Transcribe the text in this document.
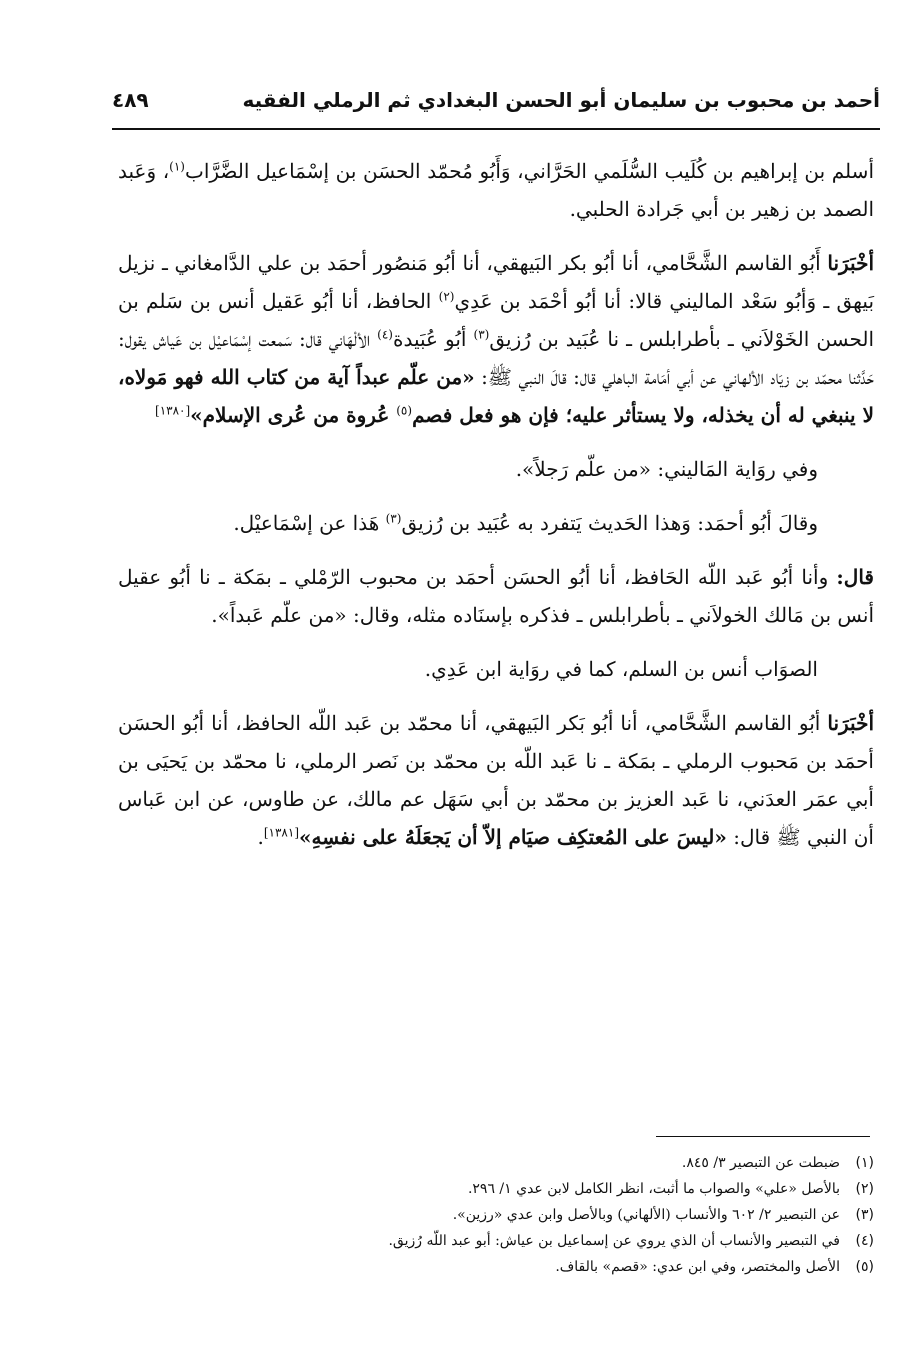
أحمد بن محبوب بن سليمان أبو الحسن البغدادي ثم الرملي الفقيه
٤٨٩

أسلم بن إبراهيم بن كُلَيب السُّلَمي الحَرَّاني، وَأَبُو مُحمّد الحسَن بن إسْمَاعيل الضَّرَّاب$^{(١)}$، وَعَبد الصمد بن زهير بن أبي جَرادة الحلبي.

أخْبَرَنا أَبُو القاسم الشَّحَّامي، أنا أبُو بكر البَيهقي، أنا أبُو مَنصُور أحمَد بن علي الدَّامغاني ـ نزيل بَيهق ـ وَأبُو سَعْد الماليني قالا: أنا أبُو أحْمَد بن عَدِي$^{(٢)}$ الحافظ، أنا أبُو عَقيل أنس بن سَلم بن الحسن الخَوْلاَني ـ بأطرابلس ـ نا عُبَيد بن رُزيق$^{(٣)}$ أبُو عُبَيدة$^{(٤)}$ الألْهَاني قال: سَمعت إسْمَاعيْل بن عَياش يقول: حَدَّثنا محمّد بن زيَاد الألهاني عن أبي أمَامة الباهلي قال: قالَ النبي ﷺ: «من علّم عبداً آية من كتاب الله فهو مَولاه، لا ينبغي له أن يخذله، ولا يستأثر عليه؛ فإن هو فعل فصم$^{(٥)}$ عُروة من عُرى الإسلام»[١٣٨٠]

وفي روَاية المَاليني: «من علّم رَجلاً».

وقالَ أبُو أحمَد: وَهذا الحَديث يَتفرد به عُبَيد بن رُزيق$^{(٣)}$ هَذا عن إسْمَاعيْل.

قال: وأنا أبُو عَبد اللّه الحَافظ، أنا أبُو الحسَن أحمَد بن محبوب الرّمْلي ـ بمَكة ـ نا أبُو عقيل أنس بن مَالك الخولاَني ـ بأطرابلس ـ فذكره بإسنَاده مثله، وقال: «من علّم عَبداً».

الصوَاب أنس بن السلم، كما في روَاية ابن عَدِي.

أخْبَرَنا أبُو القاسم الشَّحَّامي، أنا أبُو بَكر البَيهقي، أنا محمّد بن عَبد اللّه الحافظ، أنا أبُو الحسَن أحمَد بن مَحبوب الرملي ـ بمَكة ـ نا عَبد اللّه بن محمّد بن نَصر الرملي، نا محمّد بن يَحيَى بن أبي عمَر العدَني، نا عَبد العزيز بن محمّد بن أبي سَهَل عم مالك، عن طاوس، عن ابن عَباس أن النبي ﷺ قال: «ليسَ على المُعتكِف صيَام إلاّ أن يَجعَلَهُ على نفسِهِ»[١٣٨١].

(١)ضبطت عن التبصير ٣/ ٨٤٥.
(٢)بالأصل «علي» والصواب ما أثبت، انظر الكامل لابن عدي ١/ ٢٩٦.
(٣)عن التبصير ٢/ ٦٠٢ والأنساب (الألهاني) وبالأصل وابن عدي «رزين».
(٤)في التبصير والأنساب أن الذي يروي عن إسماعيل بن عياش: أبو عبد اللّه رُزيق.
(٥)الأصل والمختصر، وفي ابن عدي: «قصم» بالقاف.
